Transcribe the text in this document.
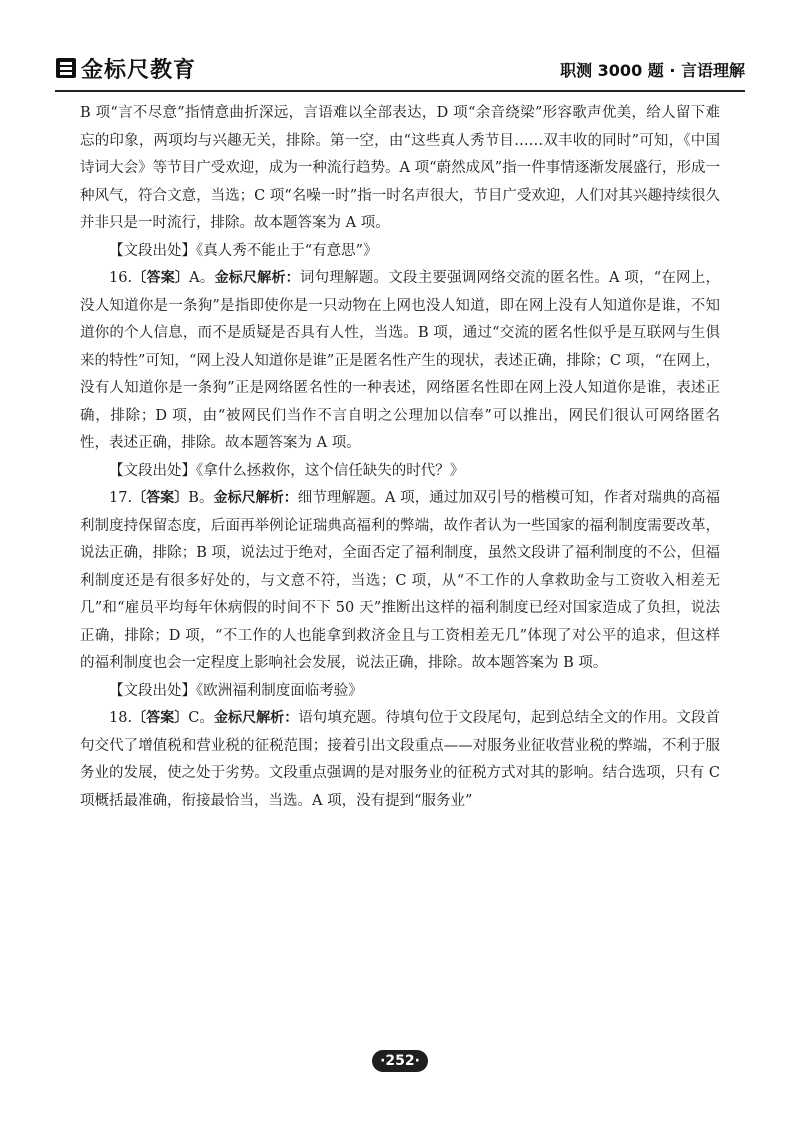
金标尺教育	职测 3000 题 · 言语理解

B 项“言不尽意”指情意曲折深远，言语难以全部表达，D 项“余音绕梁”形容歌声优美，给人留下难忘的印象，两项均与兴趣无关，排除。第一空，由“这些真人秀节目……双丰收的同时”可知，《中国诗词大会》等节目广受欢迎，成为一种流行趋势。A 项“蔚然成风”指一件事情逐渐发展盛行，形成一种风气，符合文意，当选；C 项“名噪一时”指一时名声很大，节目广受欢迎，人们对其兴趣持续很久并非只是一时流行，排除。故本题答案为 A 项。

【文段出处】《真人秀不能止于“有意思”》

16.〔答案〕A。金标尺解析：词句理解题。文段主要强调网络交流的匿名性。A 项，“在网上，没人知道你是一条狗”是指即使你是一只动物在上网也没人知道，即在网上没有人知道你是谁，不知道你的个人信息，而不是质疑是否具有人性，当选。B 项，通过“交流的匿名性似乎是互联网与生俱来的特性”可知，“网上没人知道你是谁”正是匿名性产生的现状，表述正确，排除；C 项，“在网上，没有人知道你是一条狗”正是网络匿名性的一种表述，网络匿名性即在网上没人知道你是谁，表述正确，排除；D 项，由“被网民们当作不言自明之公理加以信奉”可以推出，网民们很认可网络匿名性，表述正确，排除。故本题答案为 A 项。

【文段出处】《拿什么拯救你，这个信任缺失的时代？》

17.〔答案〕B。金标尺解析：细节理解题。A 项，通过加双引号的楷模可知，作者对瑞典的高福利制度持保留态度，后面再举例论证瑞典高福利的弊端，故作者认为一些国家的福利制度需要改革，说法正确，排除；B 项，说法过于绝对，全面否定了福利制度，虽然文段讲了福利制度的不公，但福利制度还是有很多好处的，与文意不符，当选；C 项，从“不工作的人拿救助金与工资收入相差无几”和“雇员平均每年休病假的时间不下 50 天”推断出这样的福利制度已经对国家造成了负担，说法正确，排除；D 项，“不工作的人也能拿到救济金且与工资相差无几”体现了对公平的追求，但这样的福利制度也会一定程度上影响社会发展，说法正确，排除。故本题答案为 B 项。

【文段出处】《欧洲福利制度面临考验》

18.〔答案〕C。金标尺解析：语句填充题。待填句位于文段尾句，起到总结全文的作用。文段首句交代了增值税和营业税的征税范围；接着引出文段重点——对服务业征收营业税的弊端，不利于服务业的发展，使之处于劣势。文段重点强调的是对服务业的征税方式对其的影响。结合选项，只有 C 项概括最准确，衔接最恰当，当选。A 项，没有提到“服务业”

·252·
